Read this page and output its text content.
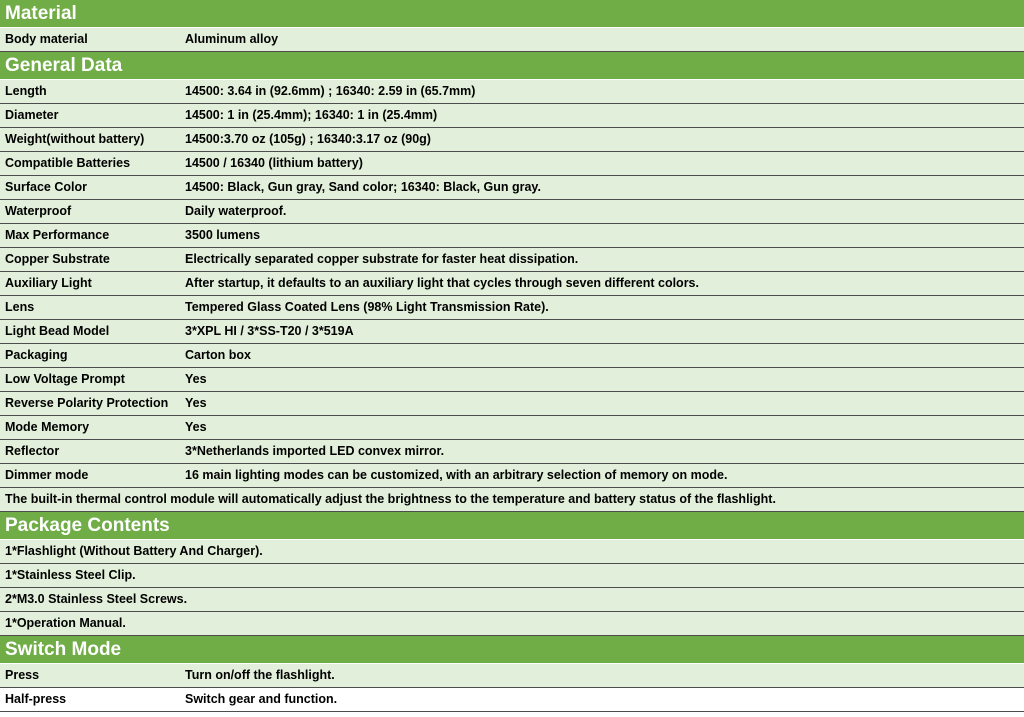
Material
Body material	Aluminum alloy
General Data
Length	14500: 3.64 in (92.6mm) ; 16340: 2.59 in (65.7mm)
Diameter	14500: 1 in (25.4mm); 16340: 1 in (25.4mm)
Weight(without battery)	14500:3.70 oz (105g) ; 16340:3.17 oz (90g)
Compatible Batteries	14500 / 16340 (lithium battery)
Surface Color	14500: Black, Gun gray, Sand color; 16340: Black, Gun gray.
Waterproof	Daily waterproof.
Max Performance	3500 lumens
Copper Substrate	Electrically separated copper substrate for faster heat dissipation.
Auxiliary Light	After startup, it defaults to an auxiliary light that cycles through seven different colors.
Lens	Tempered Glass Coated Lens (98% Light Transmission Rate).
Light Bead Model	3*XPL HI / 3*SS-T20 / 3*519A
Packaging	Carton box
Low Voltage Prompt	Yes
Reverse Polarity Protection	Yes
Mode Memory	Yes
Reflector	3*Netherlands imported LED convex mirror.
Dimmer mode	16 main lighting modes can be customized, with an arbitrary selection of memory on mode.
The built-in thermal control module will automatically adjust the brightness to the temperature and battery status of the flashlight.
Package Contents
1*Flashlight (Without Battery And Charger).
1*Stainless Steel Clip.
2*M3.0 Stainless Steel Screws.
1*Operation Manual.
Switch Mode
Press	Turn on/off the flashlight.
Half-press	Switch gear and function.
